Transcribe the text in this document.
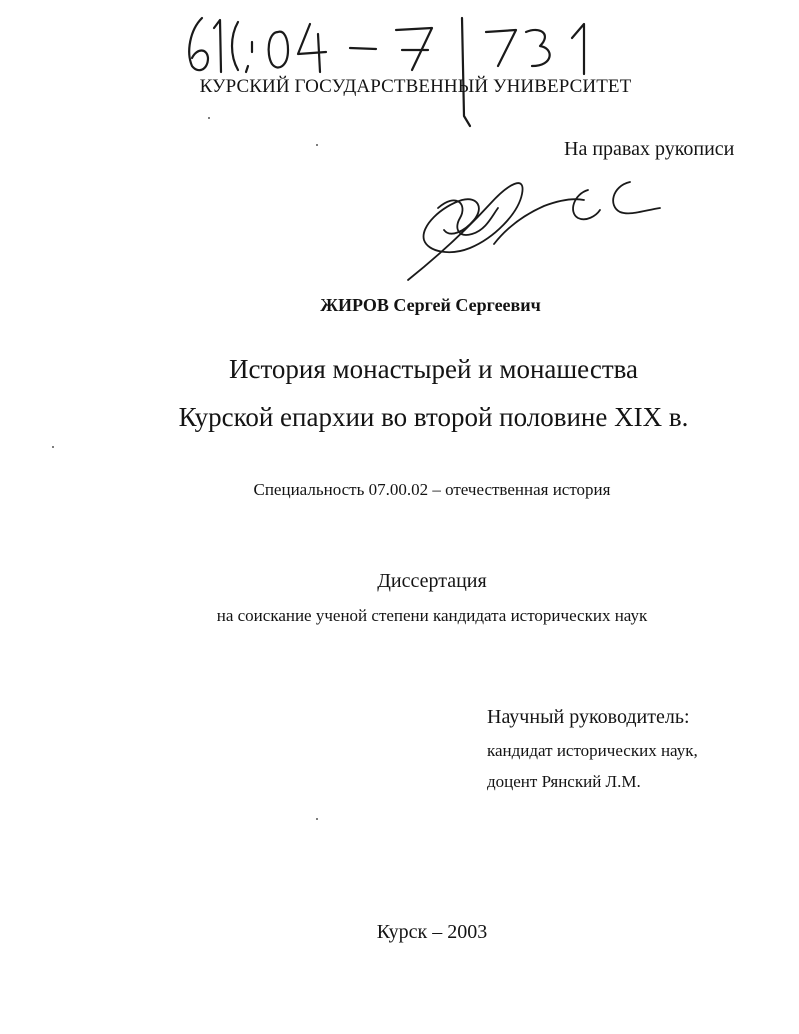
КУРСКИЙ ГОСУДАРСТВЕННЫЙ УНИВЕРСИТЕТ
На правах рукописи
ЖИРОВ Сергей Сергеевич
История монастырей и монашества
Курской епархии во второй половине XIX в.
Специальность 07.00.02 – отечественная история
Диссертация
на соискание ученой степени кандидата исторических наук
Научный руководитель:
кандидат исторических наук,
доцент Рянский Л.М.
Курск – 2003
